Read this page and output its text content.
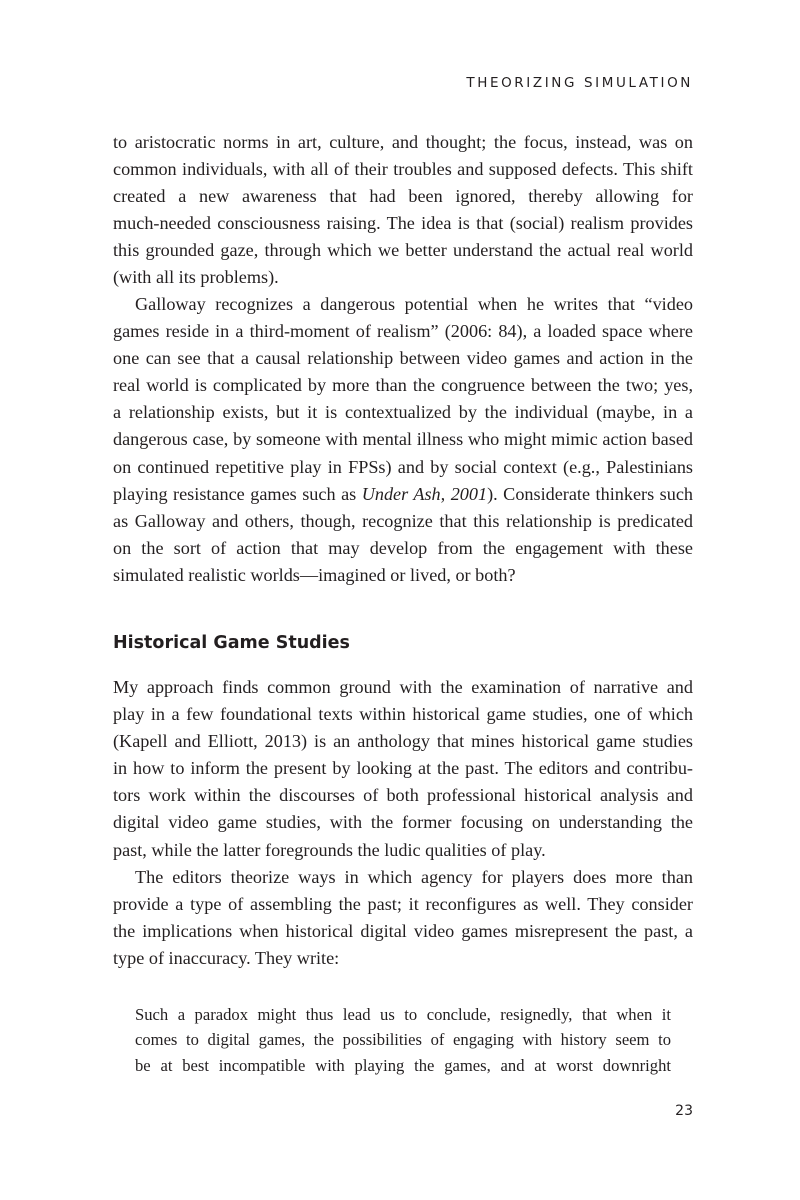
THEORIZING SIMULATION
to aristocratic norms in art, culture, and thought; the focus, instead, was on
common individuals, with all of their troubles and supposed defects. This shift
created a new awareness that had been ignored, thereby allowing for
much-needed consciousness raising. The idea is that (social) realism provides
this grounded gaze, through which we better understand the actual real world
(with all its problems).
Galloway recognizes a dangerous potential when he writes that “video
games reside in a third-moment of realism” (2006: 84), a loaded space where
one can see that a causal relationship between video games and action in the
real world is complicated by more than the congruence between the two; yes,
a relationship exists, but it is contextualized by the individual (maybe, in a
dangerous case, by someone with mental illness who might mimic action based
on continued repetitive play in FPSs) and by social context (e.g., Palestinians
playing resistance games such as Under Ash, 2001). Considerate thinkers such
as Galloway and others, though, recognize that this relationship is predicated
on the sort of action that may develop from the engagement with these
simulated realistic worlds—imagined or lived, or both?
Historical Game Studies
My approach finds common ground with the examination of narrative and
play in a few foundational texts within historical game studies, one of which
(Kapell and Elliott, 2013) is an anthology that mines historical game studies
in how to inform the present by looking at the past. The editors and contribu-
tors work within the discourses of both professional historical analysis and
digital video game studies, with the former focusing on understanding the
past, while the latter foregrounds the ludic qualities of play.
The editors theorize ways in which agency for players does more than
provide a type of assembling the past; it reconfigures as well. They consider
the implications when historical digital video games misrepresent the past, a
type of inaccuracy. They write:
Such a paradox might thus lead us to conclude, resignedly, that when it
comes to digital games, the possibilities of engaging with history seem to
be at best incompatible with playing the games, and at worst downright
23
